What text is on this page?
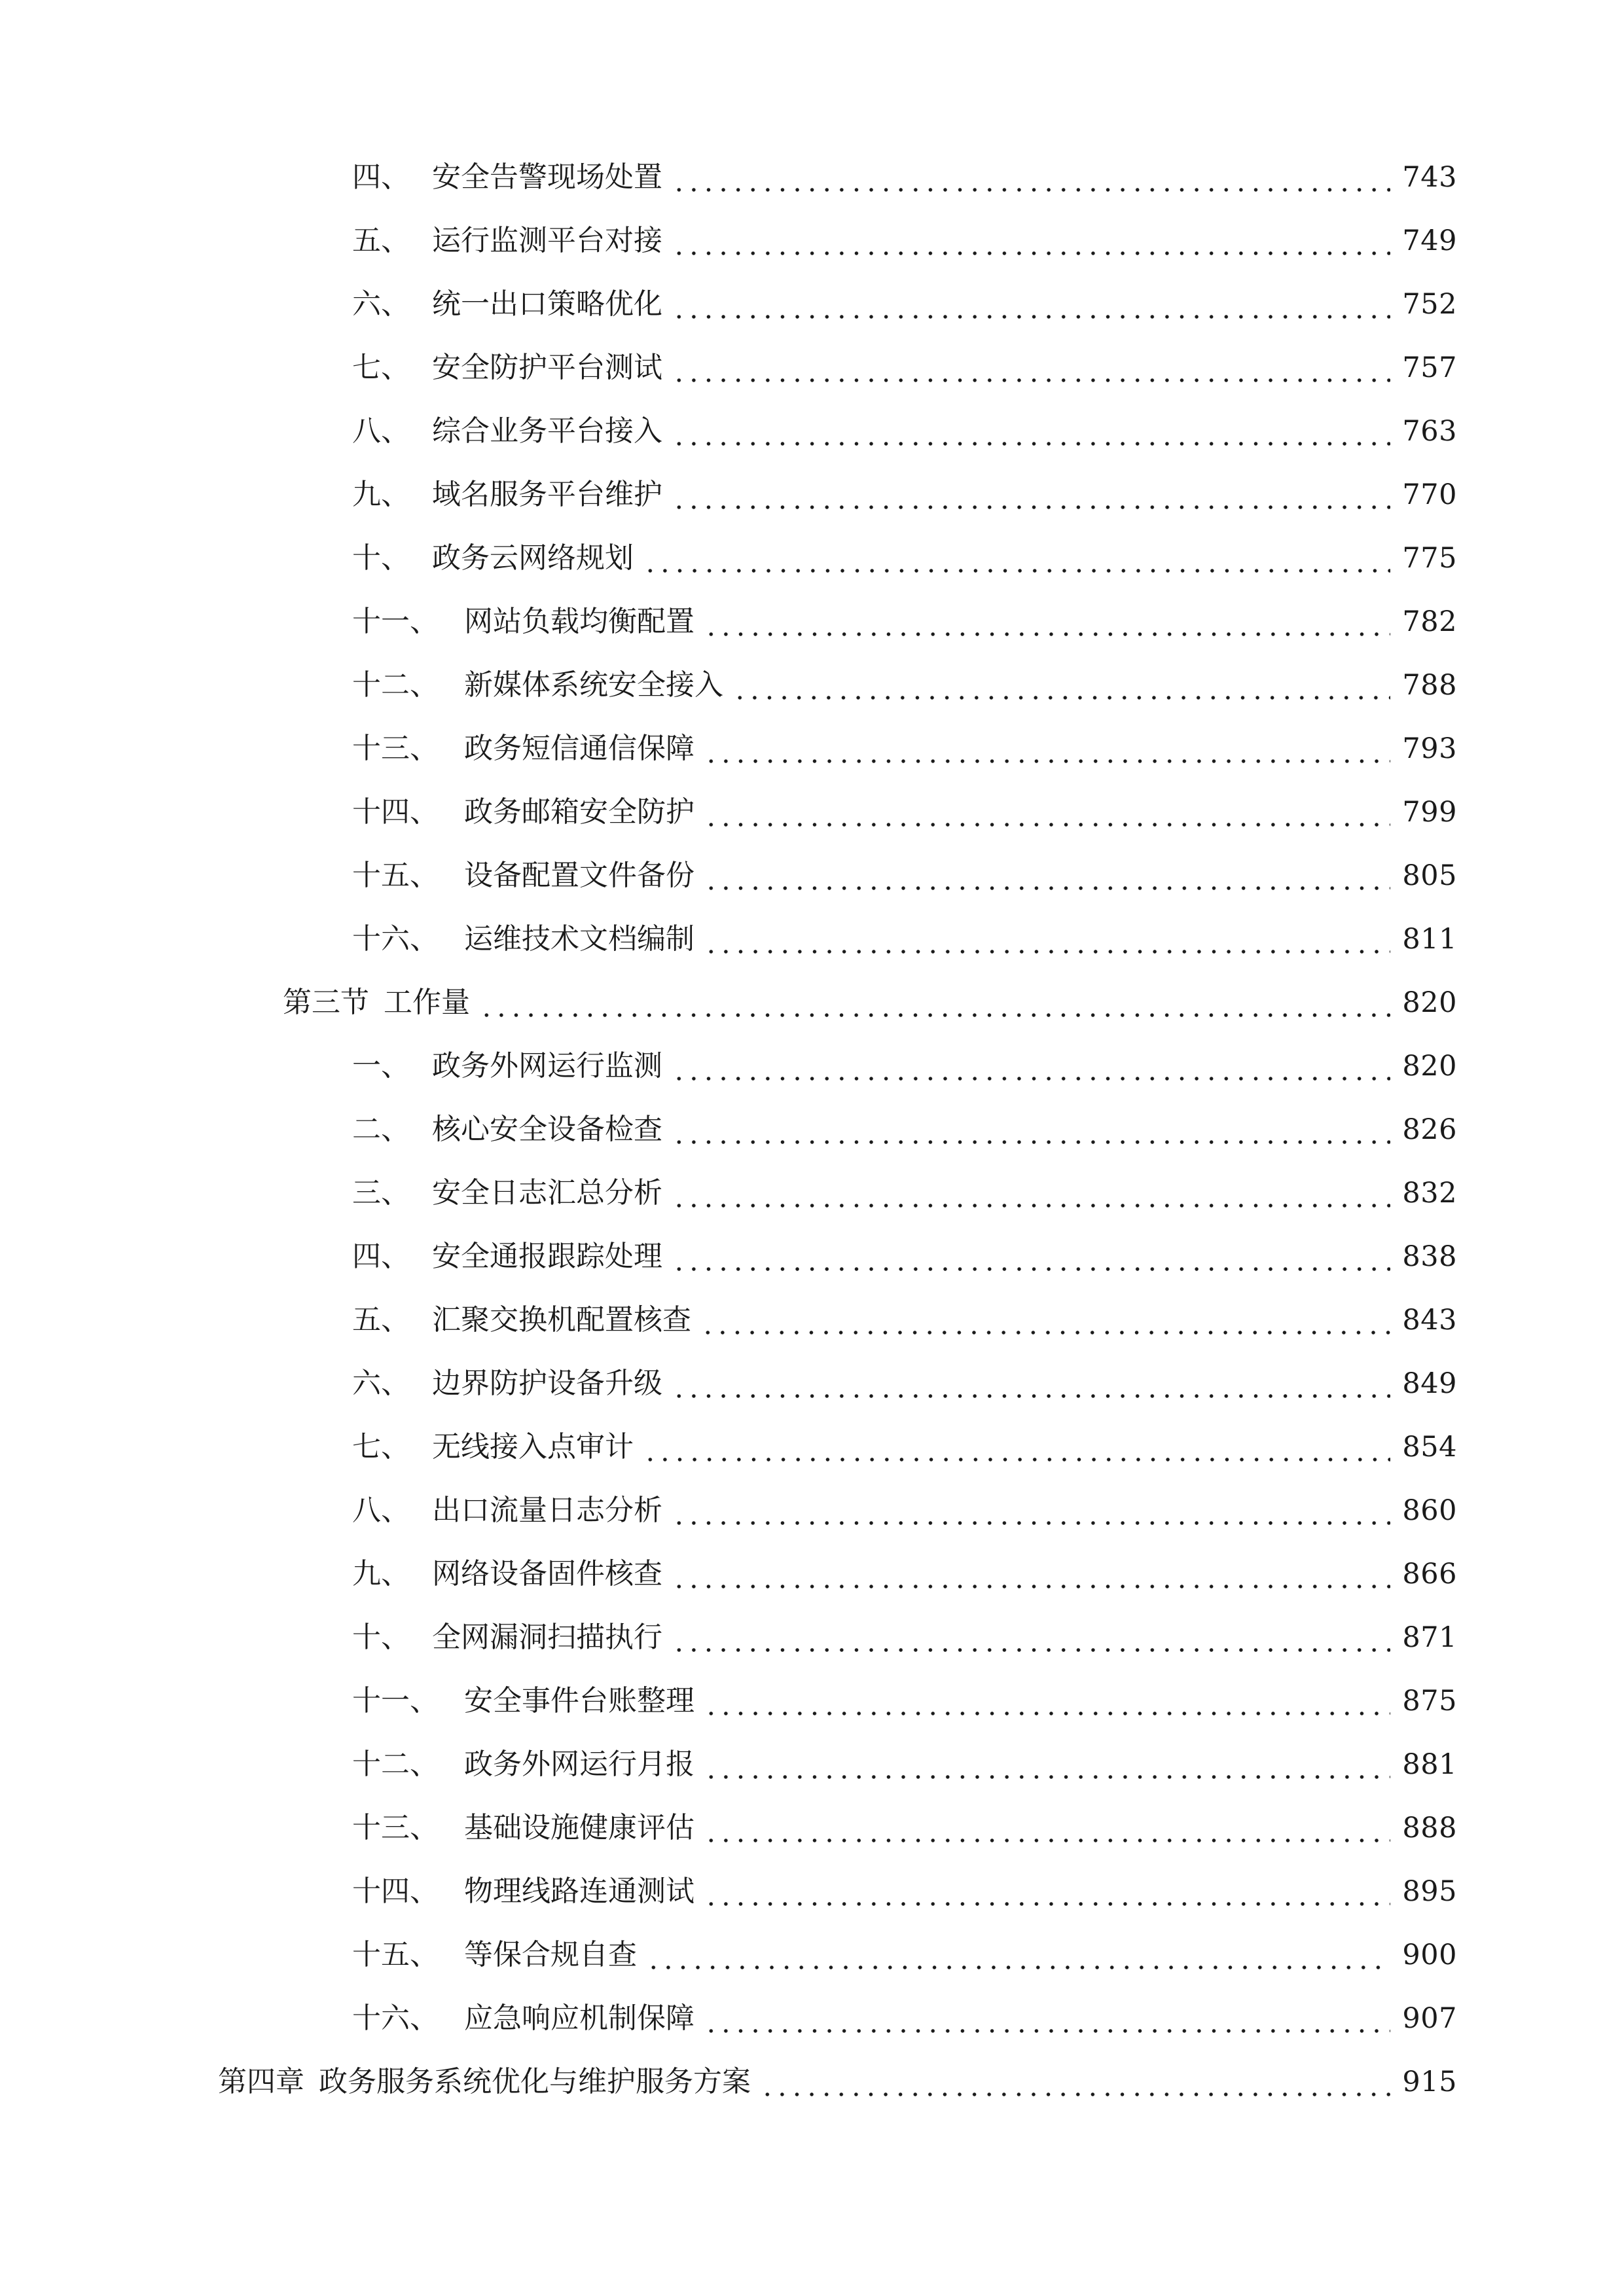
四、 安全告警现场处置	743
五、 运行监测平台对接	749
六、 统一出口策略优化	752
七、 安全防护平台测试	757
八、 综合业务平台接入	763
九、 域名服务平台维护	770
十、 政务云网络规划	775
十一、 网站负载均衡配置	782
十二、 新媒体系统安全接入	788
十三、 政务短信通信保障	793
十四、 政务邮箱安全防护	799
十五、 设备配置文件备份	805
十六、 运维技术文档编制	811
第三节 工作量	820
一、 政务外网运行监测	820
二、 核心安全设备检查	826
三、 安全日志汇总分析	832
四、 安全通报跟踪处理	838
五、 汇聚交换机配置核查	843
六、 边界防护设备升级	849
七、 无线接入点审计	854
八、 出口流量日志分析	860
九、 网络设备固件核查	866
十、 全网漏洞扫描执行	871
十一、 安全事件台账整理	875
十二、 政务外网运行月报	881
十三、 基础设施健康评估	888
十四、 物理线路连通测试	895
十五、 等保合规自查	900
十六、 应急响应机制保障	907
第四章 政务服务系统优化与维护服务方案	915
